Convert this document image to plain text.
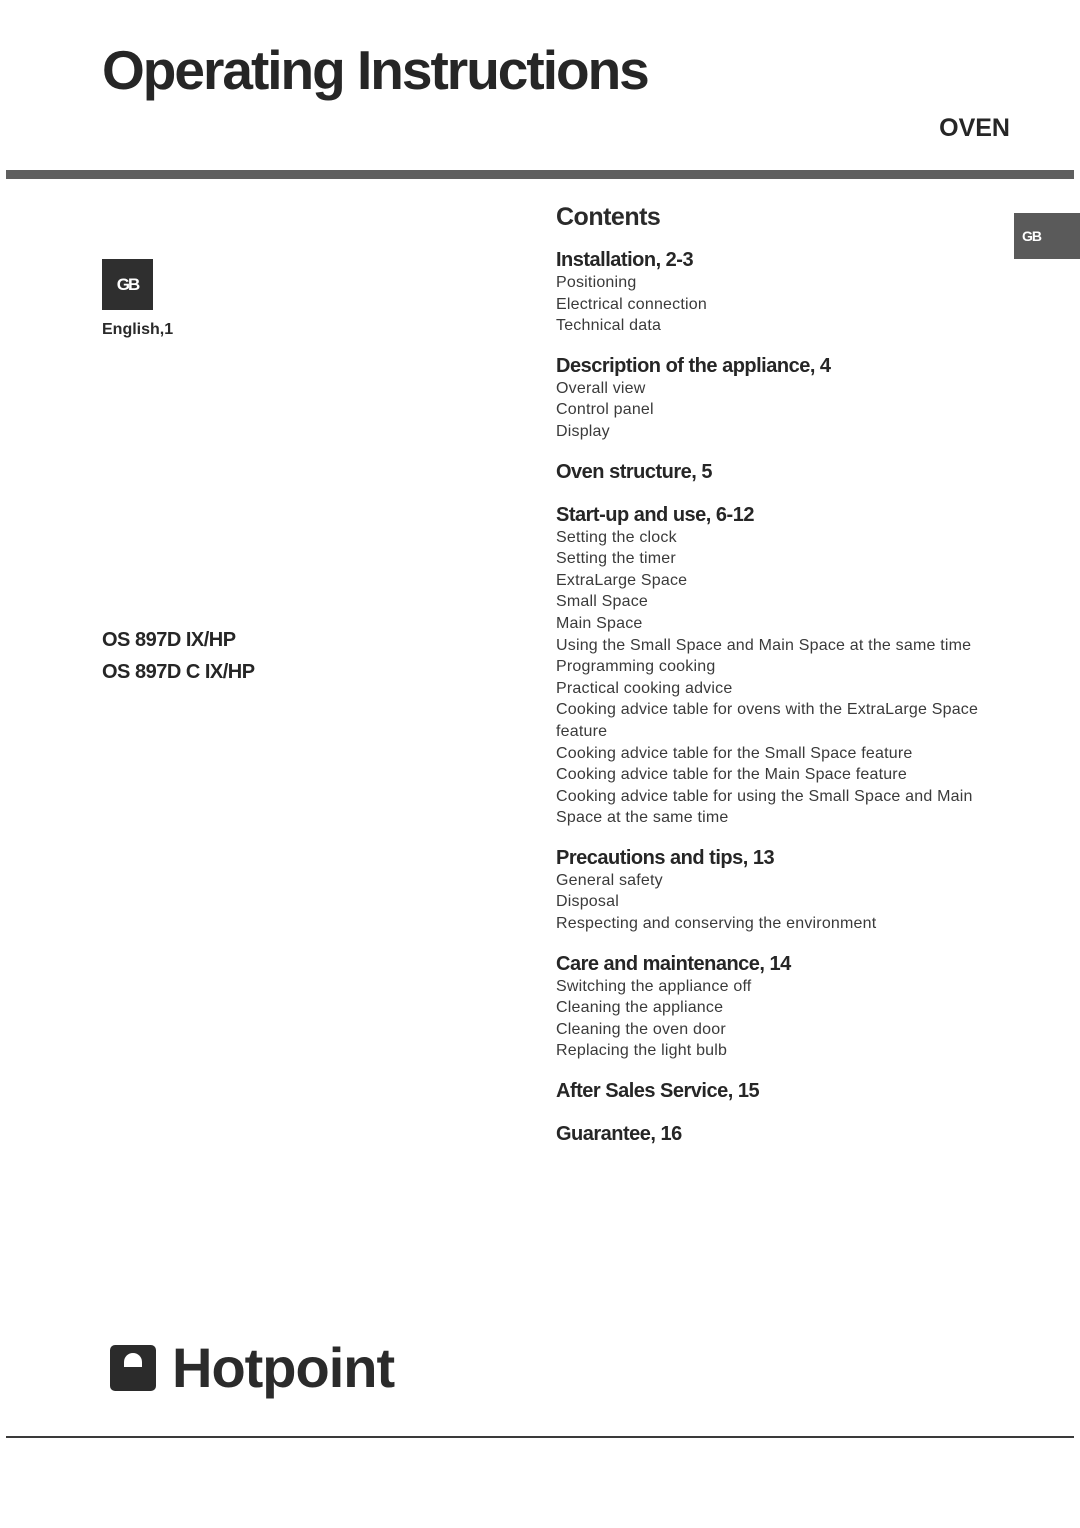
Operating Instructions
OVEN
GB
GB
English,1
OS 897D IX/HP
OS 897D C IX/HP
Contents
Installation, 2-3
Positioning
Electrical connection
Technical data
Description of the appliance, 4
Overall view
Control panel
Display
Oven structure, 5
Start-up and use, 6-12
Setting the clock
Setting the timer
ExtraLarge Space
Small Space
Main Space
Using the Small Space and Main Space at the same time
Programming cooking
Practical cooking advice
Cooking advice table for ovens with the ExtraLarge Space feature
Cooking advice table for the Small Space feature
Cooking advice table for the Main Space feature
Cooking advice table for using the Small Space and Main Space at the same time
Precautions and tips, 13
General safety
Disposal
Respecting and conserving the environment
Care and maintenance, 14
Switching the appliance off
Cleaning the appliance
Cleaning the oven door
Replacing the light bulb
After Sales Service, 15
Guarantee, 16
Hotpoint
